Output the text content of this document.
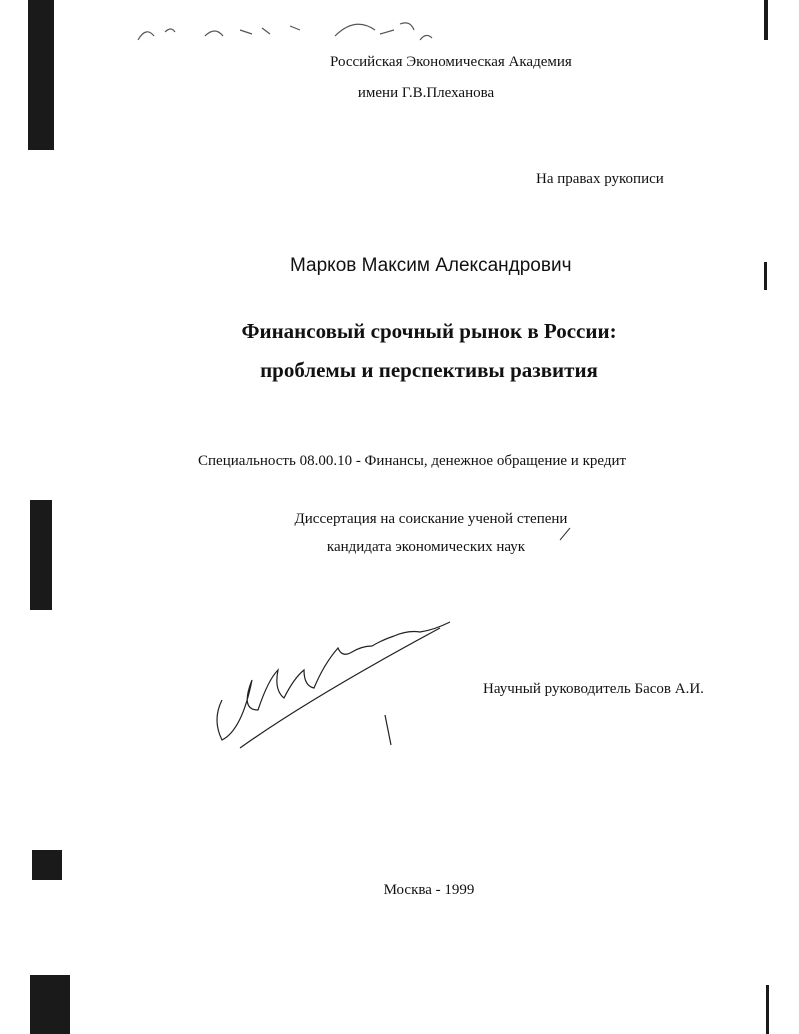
Российская Экономическая Академия
имени Г.В.Плеханова
На правах рукописи
Марков Максим Александрович
Финансовый срочный рынок в России:
проблемы и перспективы развития
Специальность 08.00.10 - Финансы, денежное обращение и кредит
Диссертация на соискание ученой степени
кандидата экономических наук
Научный руководитель Басов А.И.
Москва - 1999
